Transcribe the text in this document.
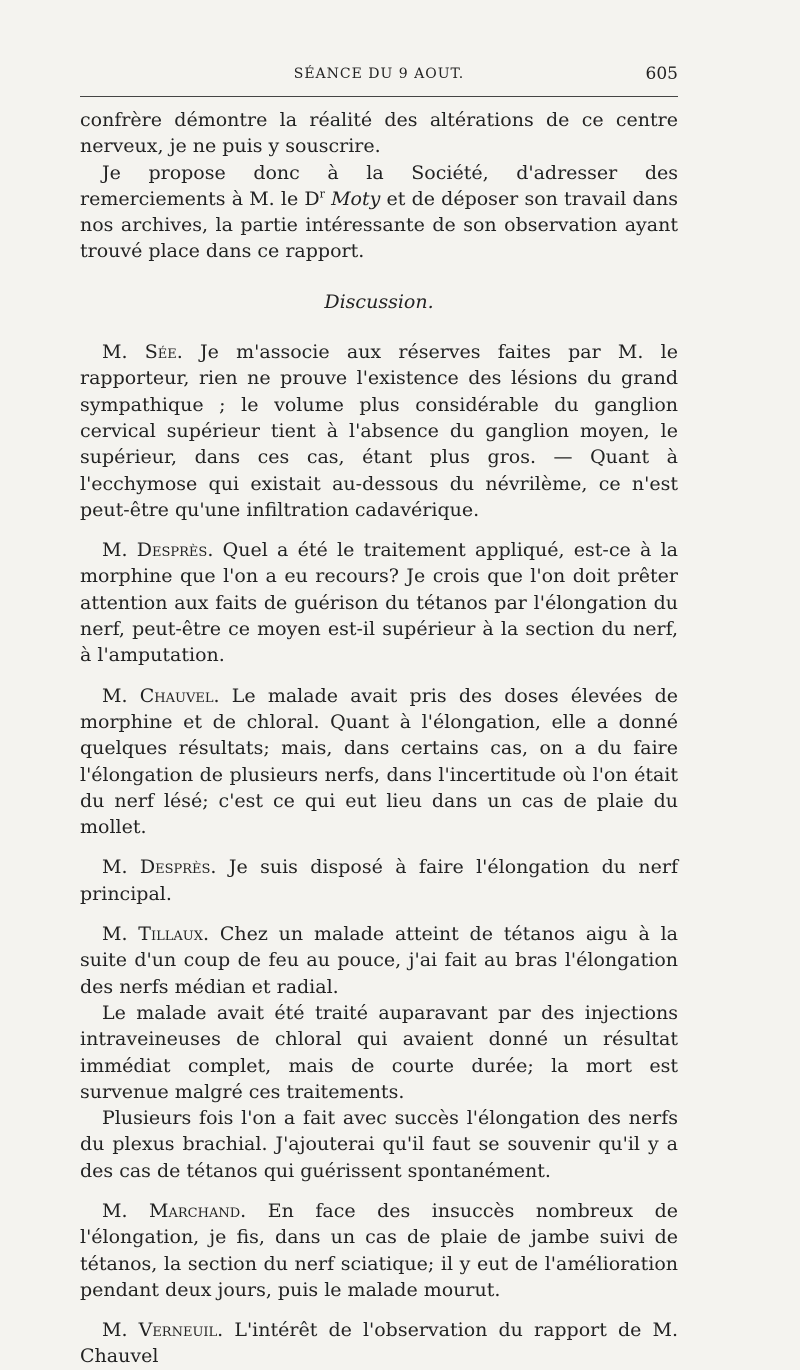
SÉANCE DU 9 AOUT.	605

confrère démontre la réalité des altérations de ce centre nerveux, je ne puis y souscrire.

Je propose donc à la Société, d'adresser des remerciements à M. le $D^r$ Moty et de déposer son travail dans nos archives, la partie intéressante de son observation ayant trouvé place dans ce rapport.

Discussion.

M. Sée. Je m'associe aux réserves faites par M. le rapporteur, rien ne prouve l'existence des lésions du grand sympathique ; le volume plus considérable du ganglion cervical supérieur tient à l'absence du ganglion moyen, le supérieur, dans ces cas, étant plus gros. — Quant à l'ecchymose qui existait au-dessous du névrilème, ce n'est peut-être qu'une infiltration cadavérique.

M. Desprès. Quel a été le traitement appliqué, est-ce à la morphine que l'on a eu recours? Je crois que l'on doit prêter attention aux faits de guérison du tétanos par l'élongation du nerf, peut-être ce moyen est-il supérieur à la section du nerf, à l'amputation.

M. Chauvel. Le malade avait pris des doses élevées de morphine et de chloral. Quant à l'élongation, elle a donné quelques résultats; mais, dans certains cas, on a du faire l'élongation de plusieurs nerfs, dans l'incertitude où l'on était du nerf lésé; c'est ce qui eut lieu dans un cas de plaie du mollet.

M. Desprès. Je suis disposé à faire l'élongation du nerf principal.

M. Tillaux. Chez un malade atteint de tétanos aigu à la suite d'un coup de feu au pouce, j'ai fait au bras l'élongation des nerfs médian et radial.

Le malade avait été traité auparavant par des injections intraveineuses de chloral qui avaient donné un résultat immédiat complet, mais de courte durée; la mort est survenue malgré ces traitements.

Plusieurs fois l'on a fait avec succès l'élongation des nerfs du plexus brachial. J'ajouterai qu'il faut se souvenir qu'il y a des cas de tétanos qui guérissent spontanément.

M. Marchand. En face des insuccès nombreux de l'élongation, je fis, dans un cas de plaie de jambe suivi de tétanos, la section du nerf sciatique; il y eut de l'amélioration pendant deux jours, puis le malade mourut.

M. Verneuil. L'intérêt de l'observation du rapport de M. Chauvel
